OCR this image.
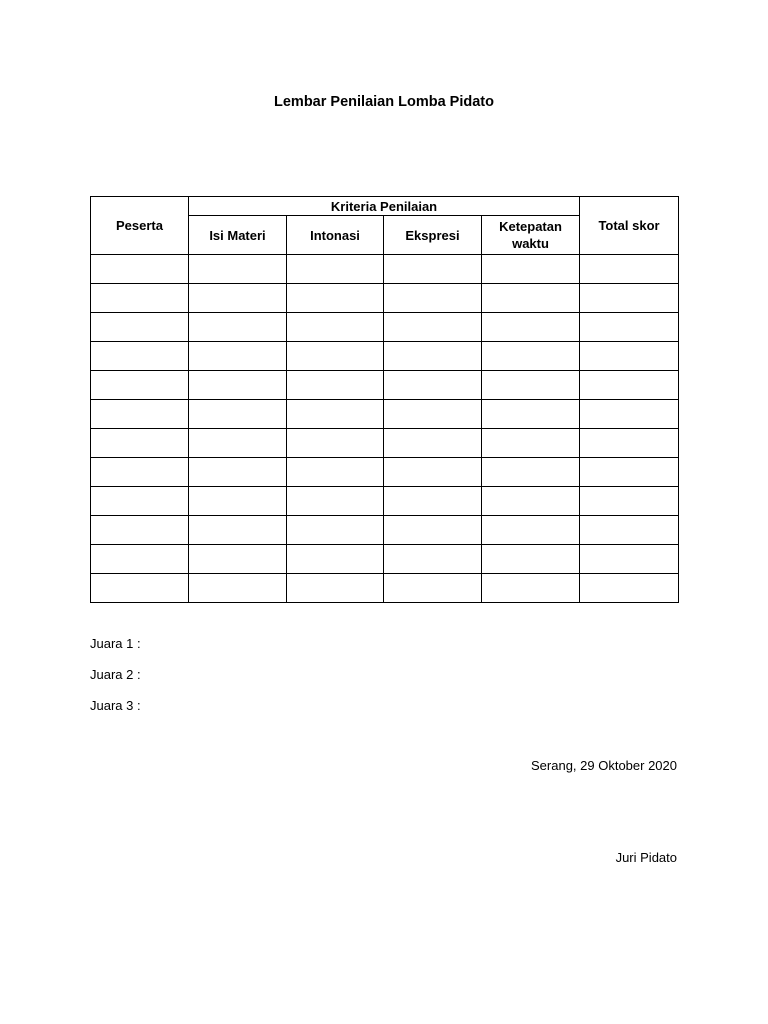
Lembar Penilaian Lomba Pidato
Peserta	Kriteria Penilaian				Total skor
	Isi Materi	Intonasi	Ekspresi	Ketepatan waktu	

Juara 1 :
Juara 2 :
Juara 3 :
Serang, 29 Oktober 2020
Juri Pidato
